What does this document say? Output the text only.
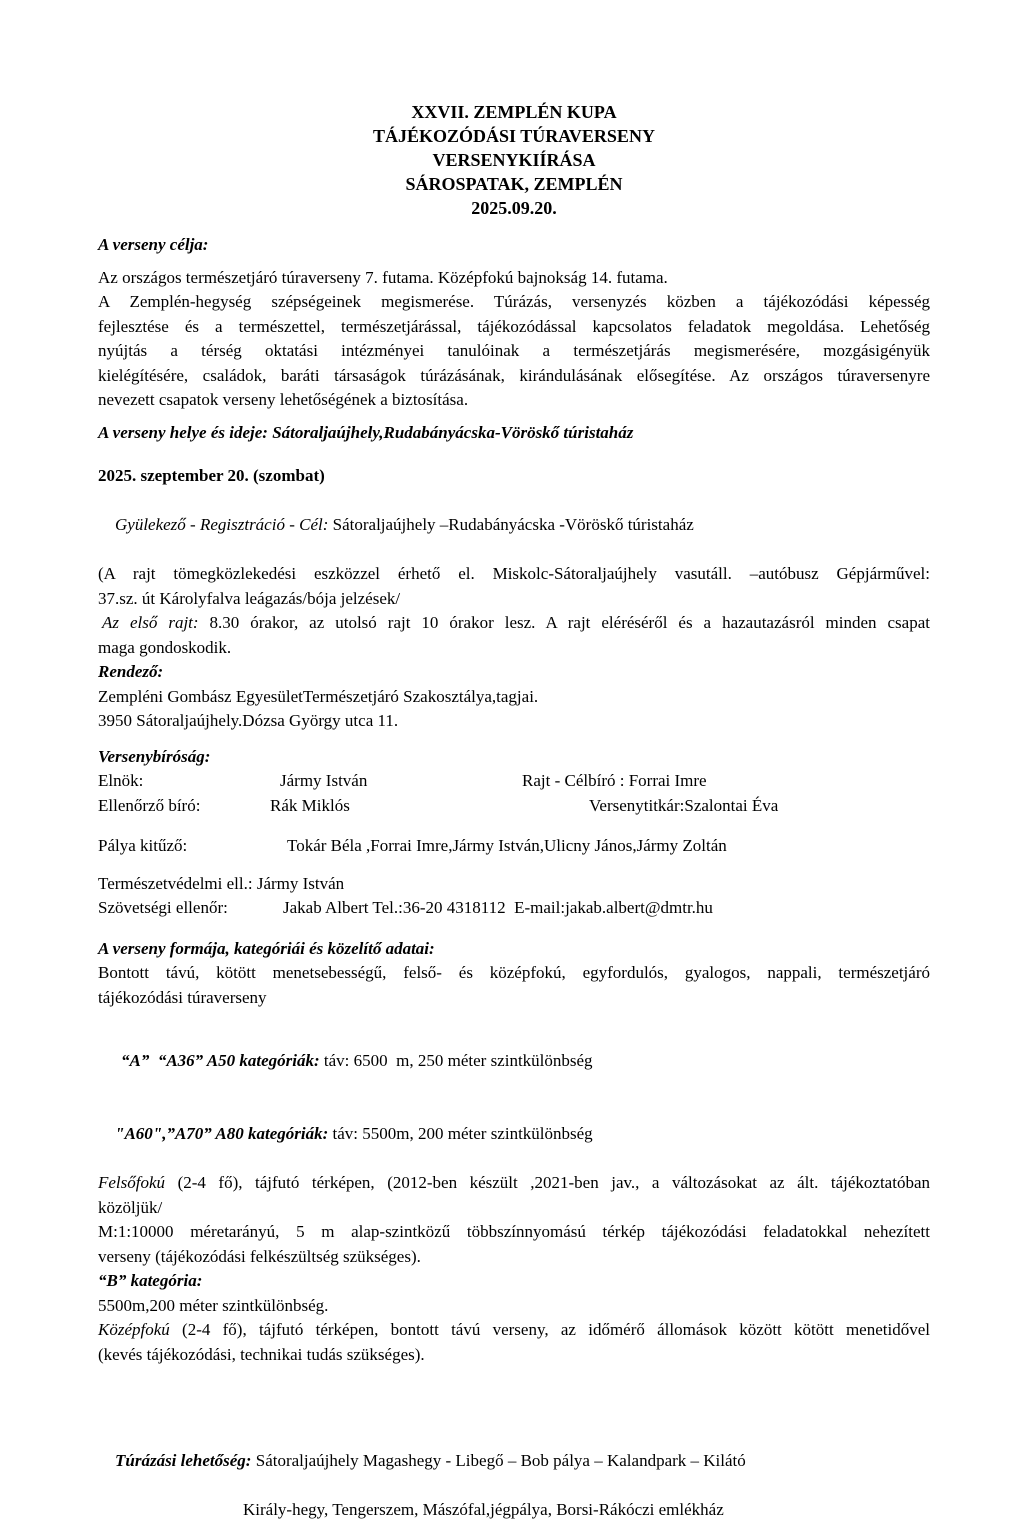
XXVII. ZEMPLÉN KUPA
TÁJÉKOZÓDÁSI TÚRAVERSENY
VERSENYKIÍRÁSA
SÁROSPATAK, ZEMPLÉN
2025.09.20.
A verseny célja:
Az országos természetjáró túraverseny 7. futama. Középfokú bajnokság 14. futama.
A Zemplén-hegység szépségeinek megismerése. Túrázás, versenyzés közben a tájékozódási képesség
fejlesztése és a természettel, természetjárással, tájékozódással kapcsolatos feladatok megoldása. Lehetőség
nyújtás a térség oktatási intézményei tanulóinak a természetjárás megismerésére, mozgásigényük
kielégítésére, családok, baráti társaságok túrázásának, kirándulásának elősegítése. Az országos túraversenyre
nevezett csapatok verseny lehetőségének a biztosítása.
A verseny helye és ideje: Sátoraljaújhely,Rudabányácska-Vöröskő túristaház
2025. szeptember 20. (szombat)

Gyülekező - Regisztráció - Cél: Sátoraljaújhely –Rudabányácska -Vöröskő túristaház

(A rajt tömegközlekedési eszközzel érhető el. Miskolc-Sátoraljaújhely vasutáll. –autóbusz Gépjárművel:
37.sz. út Károlyfalva leágazás/bója jelzések/
Az első rajt: 8.30 órakor, az utolsó rajt 10 órakor lesz. A rajt eléréséről és a hazautazásról minden csapat
maga gondoskodik.
Rendező:
Zempléni Gombász EgyesületTermészetjáró Szakosztálya,tagjai.
3950 Sátoraljaújhely.Dózsa György utca 11.
Versenybíróság:
Elnök:	Jármy István	Rajt - Célbíró : Forrai Imre
Ellenőrző bíró:	Rák Miklós	Versenytitkár:Szalontai Éva
Pálya kitűző:	Tokár Béla ,Forrai Imre,Jármy István,Ulicny János,Jármy Zoltán
Természetvédelmi ell.: Jármy István
Szövetségi ellenőr:	Jakab Albert Tel.:36-20 4318112  E-mail:jakab.albert@dmtr.hu
A verseny formája, kategóriái és közelítő adatai:
Bontott távú, kötött menetsebességű, felső- és középfokú, egyfordulós, gyalogos, nappali, természetjáró
tájékozódási túraverseny

“A”  “A36” A50 kategóriák: táv: 6500  m, 250 méter szintkülönbség

"A60",”A70” A80 kategóriák: táv: 5500m, 200 méter szintkülönbség

Felsőfokú (2-4 fő), tájfutó térképen, (2012-ben készült ,2021-ben jav., a változásokat az ált. tájékoztatóban
közöljük/
M:1:10000 méretarányú, 5 m alap-szintközű többszínnyomású térkép tájékozódási feladatokkal nehezített
verseny (tájékozódási felkészültség szükséges).
“B” kategória:
5500m,200 méter szintkülönbség.
Középfokú (2-4 fő), tájfutó térképen, bontott távú verseny, az időmérő állomások között kötött menetidővel
(kevés tájékozódási, technikai tudás szükséges).

Túrázási lehetőség: Sátoraljaújhely Magashegy - Libegő – Bob pálya – Kalandpark – Kilátó

Király-hegy, Tengerszem, Mászófal,jégpálya, Borsi-Rákóczi emlékház
